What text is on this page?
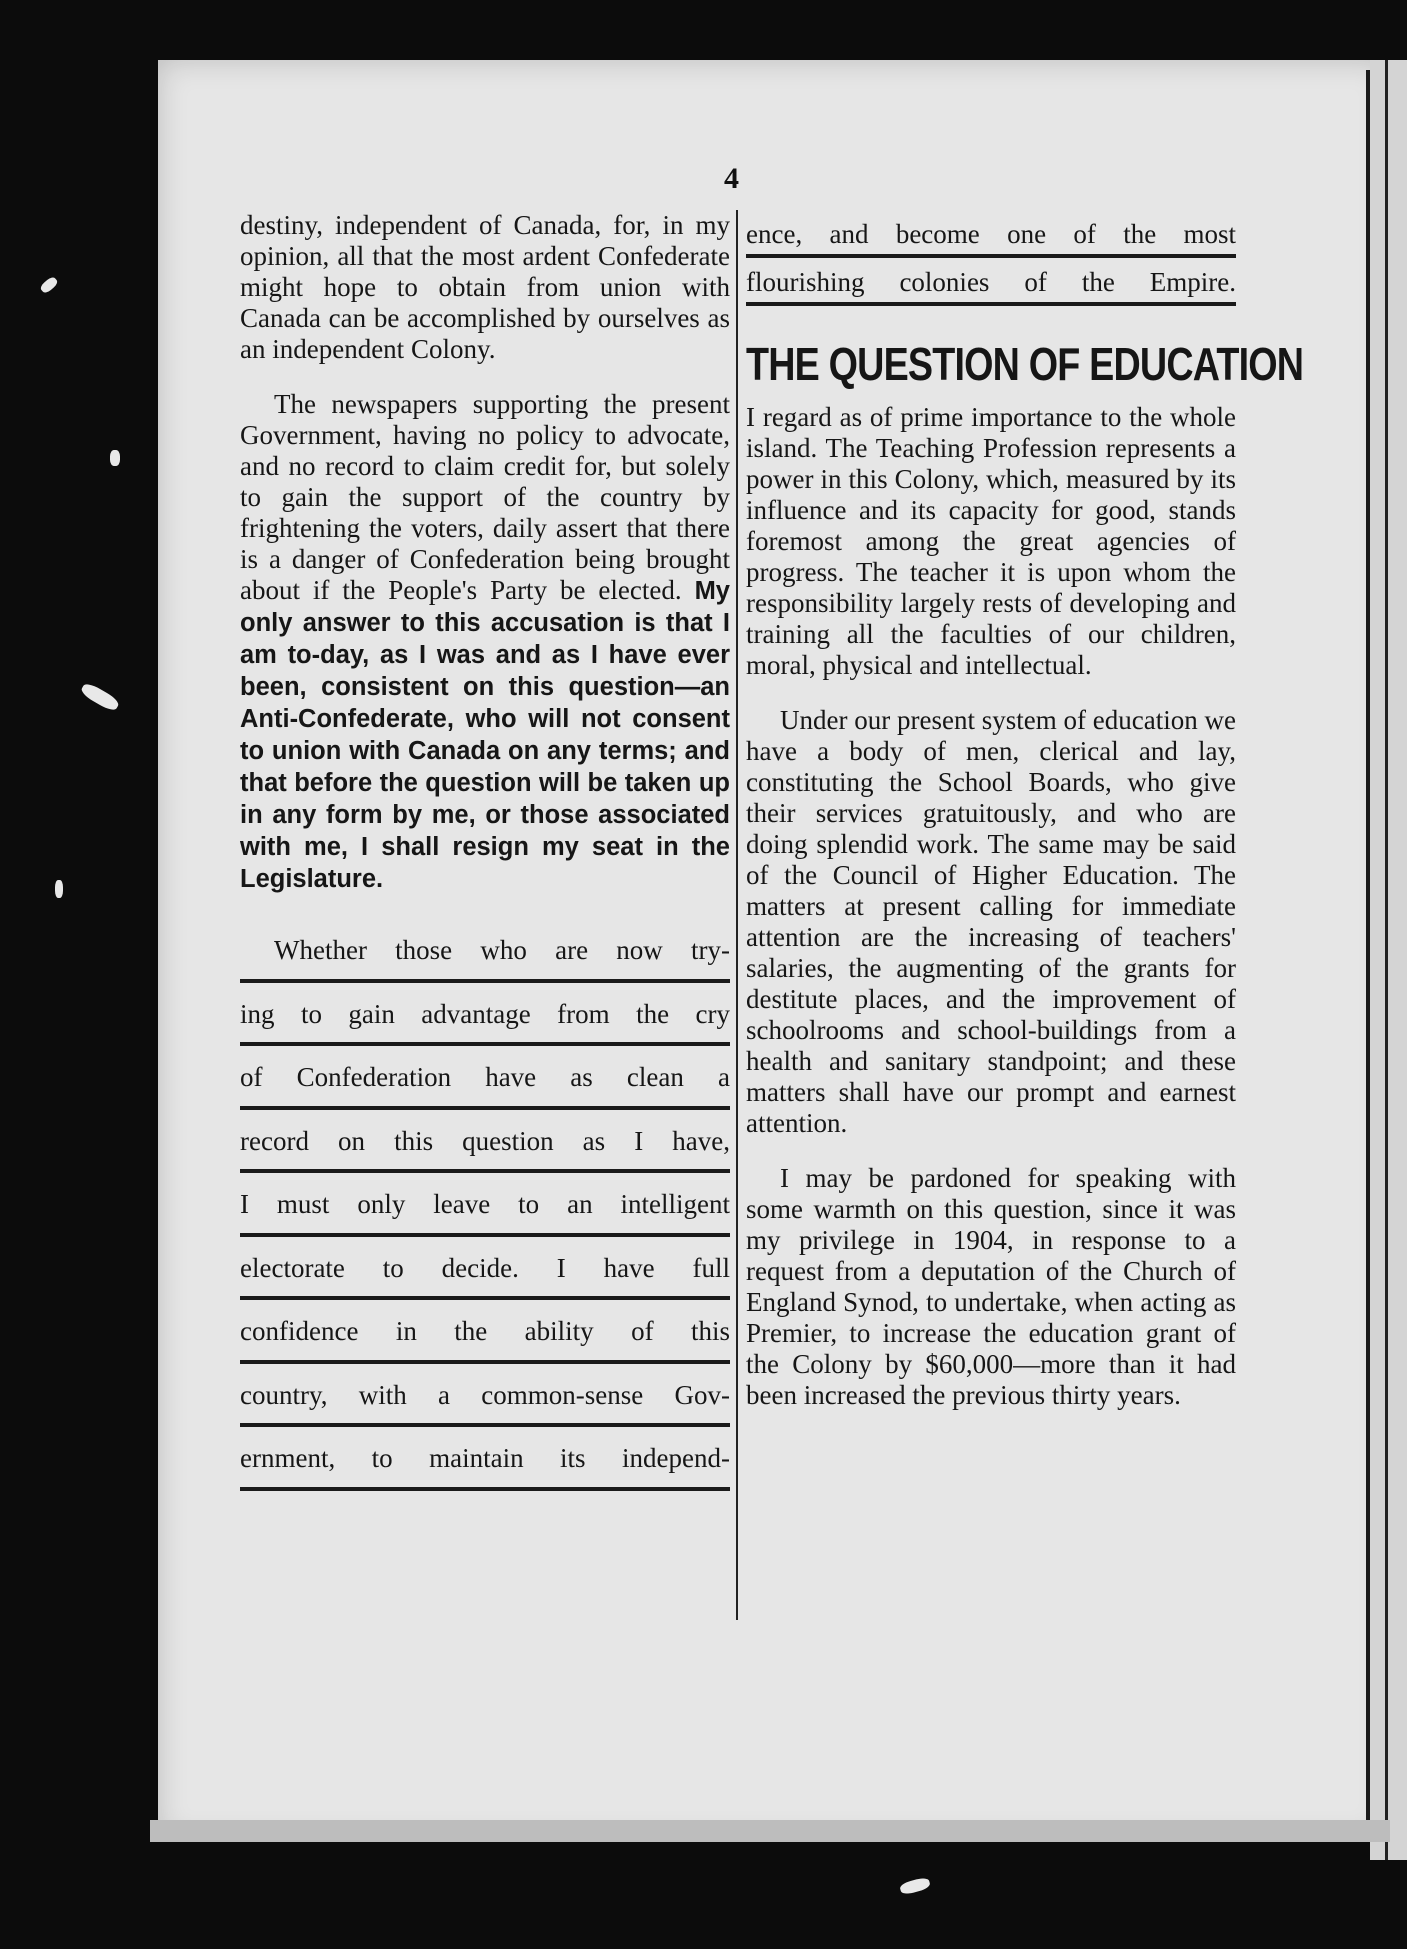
4

destiny, independent of Canada, for, in my opinion, all that the most ardent Confederate might hope to obtain from union with Canada can be accomplished by ourselves as an independent Colony.

The newspapers supporting the present Government, having no policy to advocate, and no record to claim credit for, but solely to gain the support of the country by frightening the voters, daily assert that there is a danger of Confederation being brought about if the People's Party be elected. My only answer to this accusation is that I am to-day, as I was and as I have ever been, consistent on this question—an Anti-Confederate, who will not consent to union with Canada on any terms; and that before the question will be taken up in any form by me, or those associated with me, I shall resign my seat in the Legislature.

Whether those who are now try-
ing to gain advantage from the cry
of Confederation have as clean a
record on this question as I have,
I must only leave to an intelligent
electorate to decide. I have full
confidence in the ability of this
country, with a common-sense Gov-
ernment, to maintain its independ-
ence, and become one of the most
flourishing colonies of the Empire.
THE QUESTION OF EDUCATION

I regard as of prime importance to the whole island. The Teaching Profession represents a power in this Colony, which, measured by its influence and its capacity for good, stands foremost among the great agencies of progress. The teacher it is upon whom the responsibility largely rests of developing and training all the faculties of our children, moral, physical and intellectual.

Under our present system of education we have a body of men, clerical and lay, constituting the School Boards, who give their services gratuitously, and who are doing splendid work. The same may be said of the Council of Higher Education. The matters at present calling for immediate attention are the increasing of teachers' salaries, the augmenting of the grants for destitute places, and the improvement of schoolrooms and school-buildings from a health and sanitary standpoint; and these matters shall have our prompt and earnest attention.

I may be pardoned for speaking with some warmth on this question, since it was my privilege in 1904, in response to a request from a deputation of the Church of England Synod, to undertake, when acting as Premier, to increase the education grant of the Colony by $60,000—more than it had been increased the previous thirty years.
